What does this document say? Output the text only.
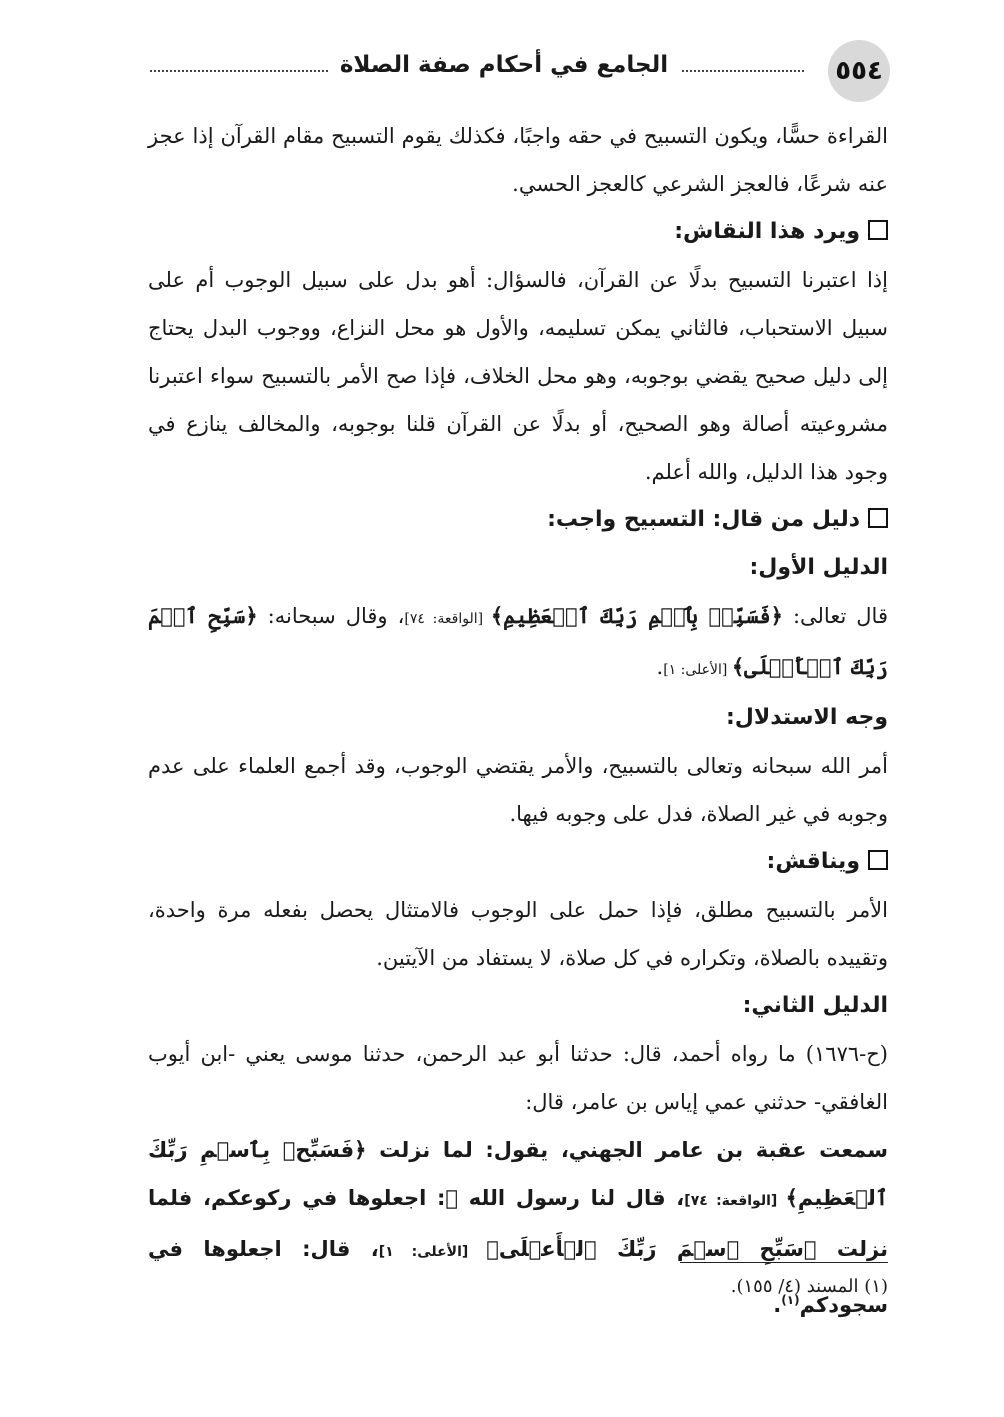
٥٥٤
الجامع في أحكام صفة الصلاة

القراءة حسًّا، ويكون التسبيح في حقه واجبًا، فكذلك يقوم التسبيح مقام القرآن إذا عجز عنه شرعًا، فالعجز الشرعي كالعجز الحسي.

ويرد هذا النقاش:

إذا اعتبرنا التسبيح بدلًا عن القرآن، فالسؤال: أهو بدل على سبيل الوجوب أم على سبيل الاستحباب، فالثاني يمكن تسليمه، والأول هو محل النزاع، ووجوب البدل يحتاج إلى دليل صحيح يقضي بوجوبه، وهو محل الخلاف، فإذا صح الأمر بالتسبيح سواء اعتبرنا مشروعيته أصالة وهو الصحيح، أو بدلًا عن القرآن قلنا بوجوبه، والمخالف ينازع في وجود هذا الدليل، والله أعلم.

دليل من قال: التسبيح واجب:
الدليل الأول:

قال تعالى: ﴿فَسَبِّحۡ بِٱسۡمِ رَبِّكَ ٱلۡعَظِيمِ﴾ [الواقعة: ٧٤]، وقال سبحانه: ﴿سَبِّحِ ٱسۡمَ رَبِّكَ ٱلۡأَعۡلَى﴾ [الأعلى: ١].

وجه الاستدلال:

أمر الله سبحانه وتعالى بالتسبيح، والأمر يقتضي الوجوب، وقد أجمع العلماء على عدم وجوبه في غير الصلاة، فدل على وجوبه فيها.

ويناقش:

الأمر بالتسبيح مطلق، فإذا حمل على الوجوب فالامتثال يحصل بفعله مرة واحدة، وتقييده بالصلاة، وتكراره في كل صلاة، لا يستفاد من الآيتين.

الدليل الثاني:

(ح-١٦٧٦) ما رواه أحمد، قال: حدثنا أبو عبد الرحمن، حدثنا موسى يعني -ابن أيوب الغافقي- حدثني عمي إياس بن عامر، قال:

سمعت عقبة بن عامر الجهني، يقول: لما نزلت ﴿فَسَبِّحۡ بِٱسۡمِ رَبِّكَ ٱلۡعَظِيمِ﴾ [الواقعة: ٧٤]، قال لنا رسول الله ﷺ: اجعلوها في ركوعكم، فلما نزلت ﴿سَبِّحِ ٱسۡمَ رَبِّكَ ٱلۡأَعۡلَى﴾ [الأعلى: ١]، قال: اجعلوها في سجودكم$^{(١)}$.

(١) المسند (٤/ ١٥٥).
